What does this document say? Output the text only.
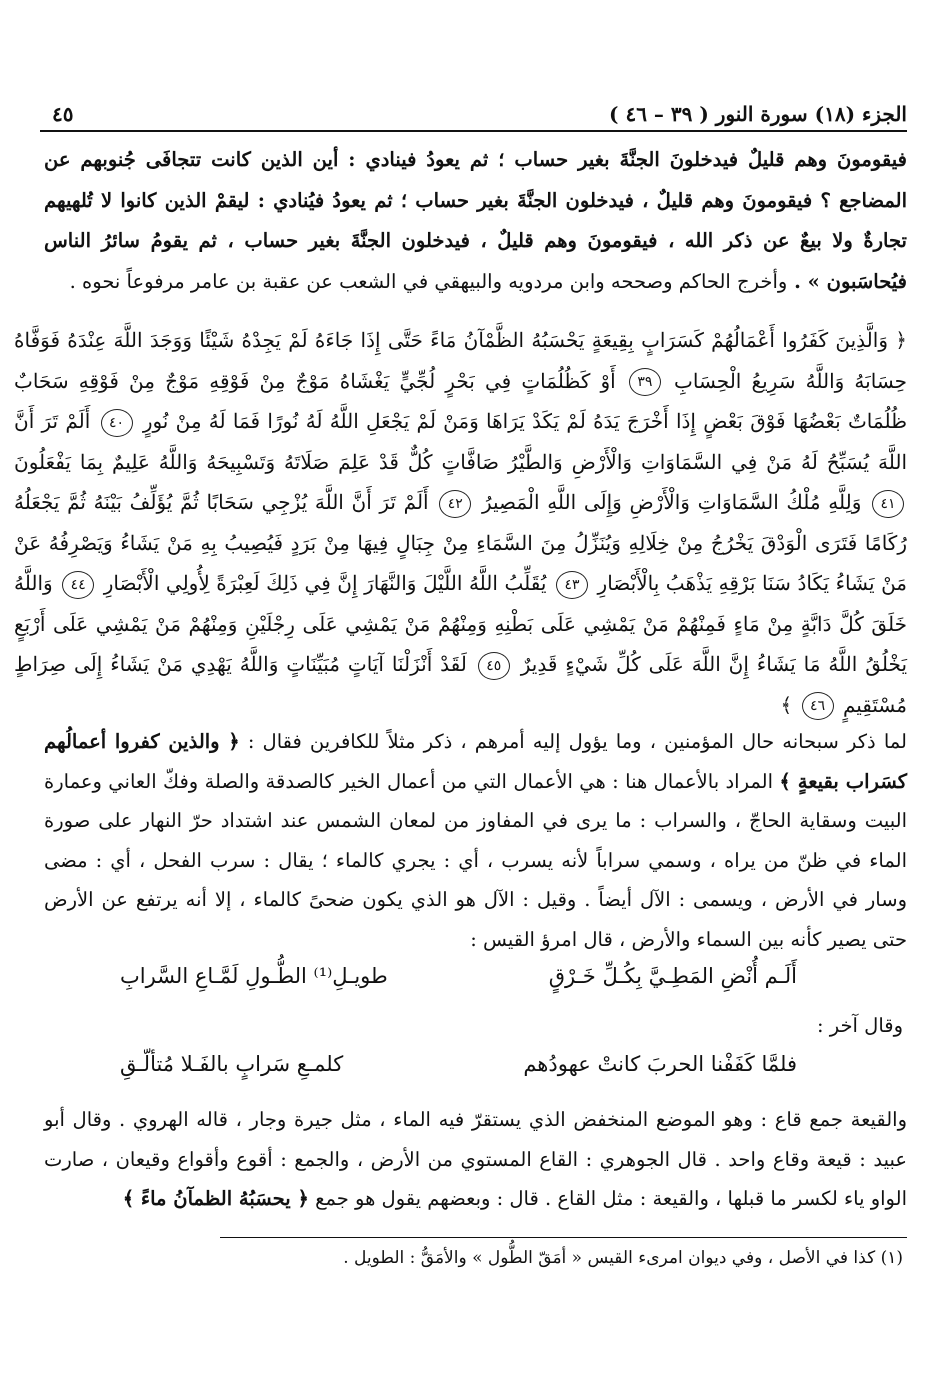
الجزء (١٨) سورة النور ( ٣٩ – ٤٦ )
٤٥
فيقومونَ وهم قليلٌ فيدخلونَ الجنَّةَ بغير حساب ؛ ثم يعودُ فينادي : أين الذين كانت تتجافَى جُنوبهم عن المضاجع ؟ فيقومونَ وهم قليلٌ ، فيدخلون الجنَّةَ بغير حساب ؛ ثم يعودُ فيُنادي : ليقمْ الذين كانوا لا تُلهيهم تجارةٌ ولا بيعٌ عن ذكر الله ، فيقومونَ وهم قليلٌ ، فيدخلون الجنَّةَ بغير حساب ، ثم يقومُ سائرُ الناس فيُحاسَبون » . وأخرج الحاكم وصححه وابن مردويه والبيهقي في الشعب عن عقبة بن عامر مرفوعاً نحوه .
﴿ وَالَّذِينَ كَفَرُوا أَعْمَالُهُمْ كَسَرَابٍ بِقِيعَةٍ يَحْسَبُهُ الظَّمْآنُ مَاءً حَتَّى إِذَا جَاءَهُ لَمْ يَجِدْهُ شَيْئًا وَوَجَدَ اللَّهَ عِنْدَهُ فَوَفَّاهُ حِسَابَهُ وَاللَّهُ سَرِيعُ الْحِسَابِ ٣٩ أَوْ كَظُلُمَاتٍ فِي بَحْرٍ لُجِّيٍّ يَغْشَاهُ مَوْجٌ مِنْ فَوْقِهِ مَوْجٌ مِنْ فَوْقِهِ سَحَابٌ ظُلُمَاتٌ بَعْضُهَا فَوْقَ بَعْضٍ إِذَا أَخْرَجَ يَدَهُ لَمْ يَكَدْ يَرَاهَا وَمَنْ لَمْ يَجْعَلِ اللَّهُ لَهُ نُورًا فَمَا لَهُ مِنْ نُورٍ ٤٠ أَلَمْ تَرَ أَنَّ اللَّهَ يُسَبِّحُ لَهُ مَنْ فِي السَّمَاوَاتِ وَالْأَرْضِ وَالطَّيْرُ صَافَّاتٍ كُلٌّ قَدْ عَلِمَ صَلَاتَهُ وَتَسْبِيحَهُ وَاللَّهُ عَلِيمٌ بِمَا يَفْعَلُونَ ٤١ وَلِلَّهِ مُلْكُ السَّمَاوَاتِ وَالْأَرْضِ وَإِلَى اللَّهِ الْمَصِيرُ ٤٢ أَلَمْ تَرَ أَنَّ اللَّهَ يُزْجِي سَحَابًا ثُمَّ يُؤَلِّفُ بَيْنَهُ ثُمَّ يَجْعَلُهُ رُكَامًا فَتَرَى الْوَدْقَ يَخْرُجُ مِنْ خِلَالِهِ وَيُنَزِّلُ مِنَ السَّمَاءِ مِنْ جِبَالٍ فِيهَا مِنْ بَرَدٍ فَيُصِيبُ بِهِ مَنْ يَشَاءُ وَيَصْرِفُهُ عَنْ مَنْ يَشَاءُ يَكَادُ سَنَا بَرْقِهِ يَذْهَبُ بِالْأَبْصَارِ ٤٣ يُقَلِّبُ اللَّهُ اللَّيْلَ وَالنَّهَارَ إِنَّ فِي ذَلِكَ لَعِبْرَةً لِأُولِي الْأَبْصَارِ ٤٤ وَاللَّهُ خَلَقَ كُلَّ دَابَّةٍ مِنْ مَاءٍ فَمِنْهُمْ مَنْ يَمْشِي عَلَى بَطْنِهِ وَمِنْهُمْ مَنْ يَمْشِي عَلَى رِجْلَيْنِ وَمِنْهُمْ مَنْ يَمْشِي عَلَى أَرْبَعٍ يَخْلُقُ اللَّهُ مَا يَشَاءُ إِنَّ اللَّهَ عَلَى كُلِّ شَيْءٍ قَدِيرٌ ٤٥ لَقَدْ أَنْزَلْنَا آيَاتٍ مُبَيِّنَاتٍ وَاللَّهُ يَهْدِي مَنْ يَشَاءُ إِلَى صِرَاطٍ مُسْتَقِيمٍ ٤٦ ﴾
لما ذكر سبحانه حال المؤمنين ، وما يؤول إليه أمرهم ، ذكر مثلاً للكافرين فقال : ﴿ والذين كفروا أعمالُهم كسَراب بقيعةٍ ﴾ المراد بالأعمال هنا : هي الأعمال التي من أعمال الخير كالصدقة والصلة وفكّ العاني وعمارة البيت وسقاية الحاجّ ، والسراب : ما يرى في المفاوز من لمعان الشمس عند اشتداد حرّ النهار على صورة الماء في ظنّ من يراه ، وسمي سراباً لأنه يسرب ، أي : يجري كالماء ؛ يقال : سرب الفحل ، أي : مضى وسار في الأرض ، ويسمى : الآل أيضاً . وقيل : الآل هو الذي يكون ضحىً كالماء ، إلا أنه يرتفع عن الأرض حتى يصير كأنه بين السماء والأرض ، قال امرؤ القيس :
أَلَـم أُنْضِ المَطِـيَّ بِكُـلِّ خَـرْقٍ
طويـلِ⁽¹⁾ الطُّـولِ لَمَّـاعِ السَّرابِ
وقال آخر :
فلمَّا كَفَفْنا الحربَ كانتْ عهودُهم
كلمـعِ سَرابٍ بالفَـلا مُتألّـقِ
والقيعة جمع قاع : وهو الموضع المنخفض الذي يستقرّ فيه الماء ، مثل جيرة وجار ، قاله الهروي . وقال أبو عبيد : قيعة وقاع واحد . قال الجوهري : القاع المستوي من الأرض ، والجمع : أقوع وأقواع وقيعان ، صارت الواو ياء لكسر ما قبلها ، والقيعة : مثل القاع . قال : وبعضهم يقول هو جمع ﴿ يحسَبُهُ الظمآنُ ماءً ﴾
(١) كذا في الأصل ، وفي ديوان امرىء القيس « أمَقّ الطُّول » والأمَقُّ : الطويل .
